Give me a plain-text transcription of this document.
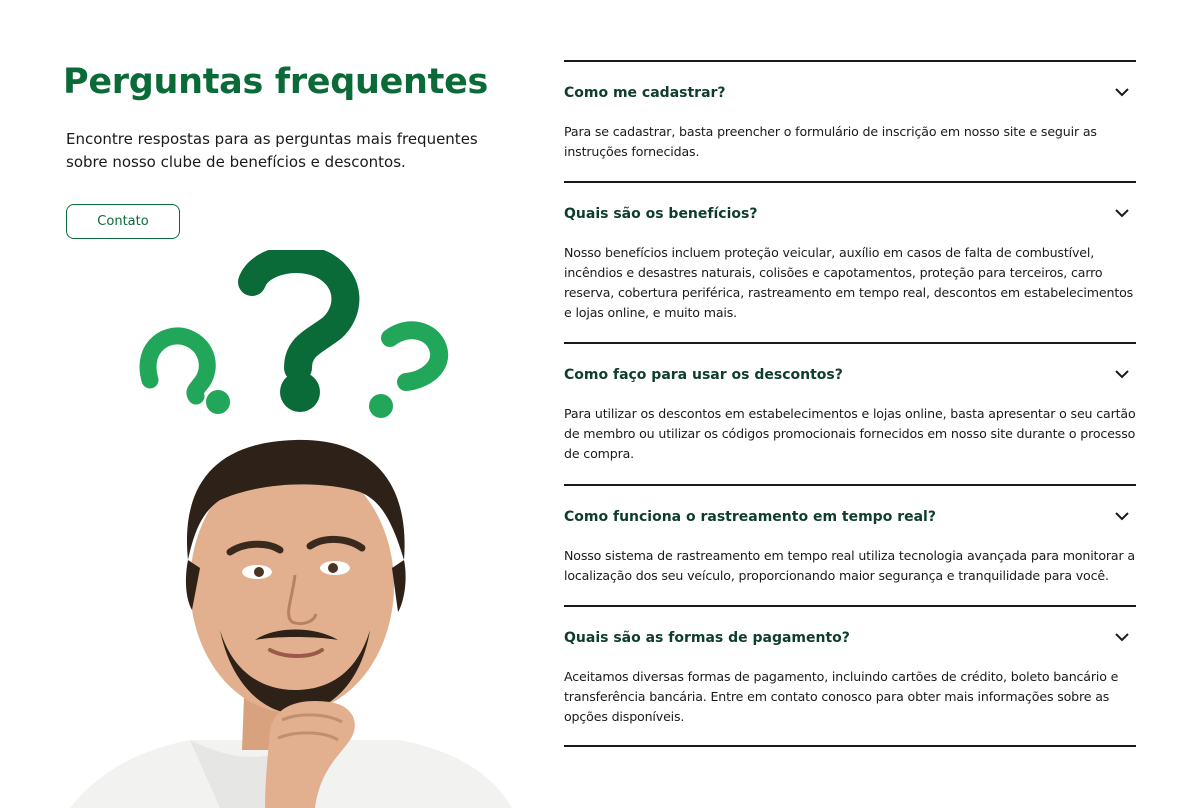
Perguntas frequentes

Encontre respostas para as perguntas mais frequentes sobre nosso clube de benefícios e descontos.

Contato
Como me cadastrar?

Para se cadastrar, basta preencher o formulário de inscrição em nosso site e seguir as instruções fornecidas.

Quais são os benefícios?

Nosso benefícios incluem proteção veicular, auxílio em casos de falta de combustível, incêndios e desastres naturais, colisões e capotamentos, proteção para terceiros, carro reserva, cobertura periférica, rastreamento em tempo real, descontos em estabelecimentos e lojas online, e muito mais.

Como faço para usar os descontos?

Para utilizar os descontos em estabelecimentos e lojas online, basta apresentar o seu cartão de membro ou utilizar os códigos promocionais fornecidos em nosso site durante o processo de compra.

Como funciona o rastreamento em tempo real?

Nosso sistema de rastreamento em tempo real utiliza tecnologia avançada para monitorar a localização dos seu veículo, proporcionando maior segurança e tranquilidade para você.

Quais são as formas de pagamento?

Aceitamos diversas formas de pagamento, incluindo cartões de crédito, boleto bancário e transferência bancária. Entre em contato conosco para obter mais informações sobre as opções disponíveis.
